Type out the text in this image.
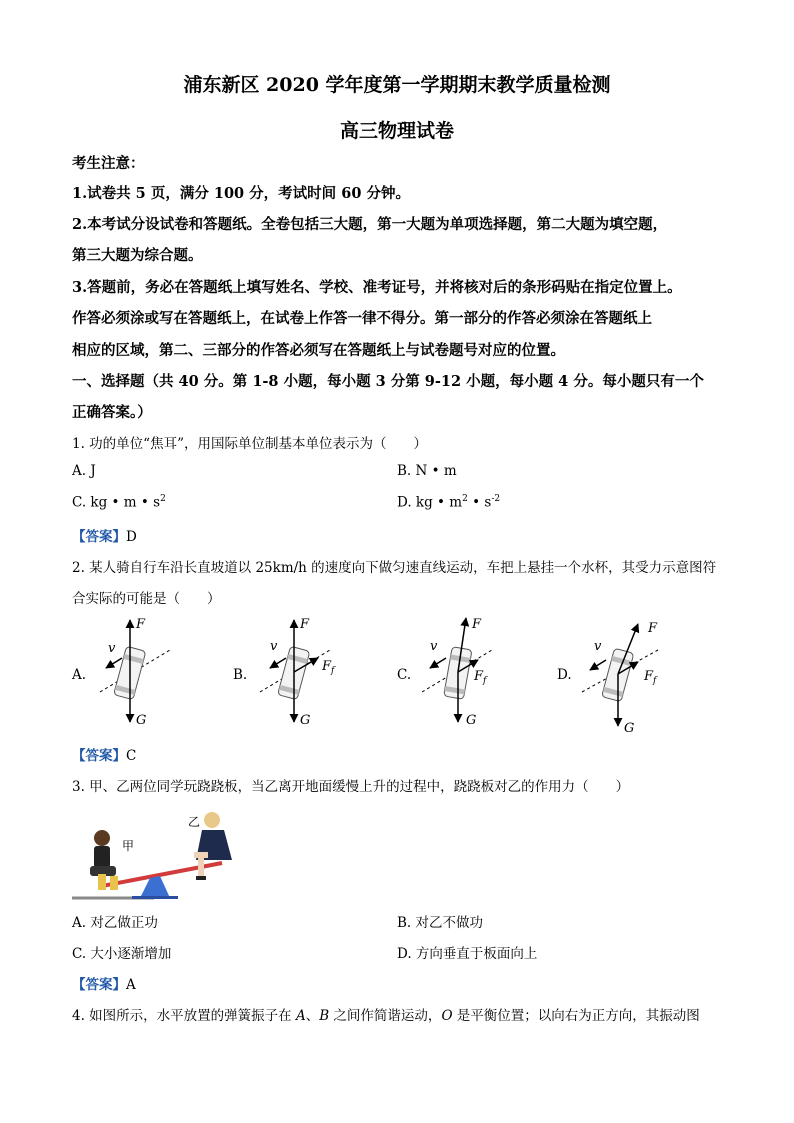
浦东新区 2020 学年度第一学期期末教学质量检测
高三物理试卷
考生注意：
1.试卷共 5 页，满分 100 分，考试时间 60 分钟。
2.本考试分设试卷和答题纸。全卷包括三大题，第一大题为单项选择题，第二大题为填空题，
第三大题为综合题。
3.答题前，务必在答题纸上填写姓名、学校、准考证号，并将核对后的条形码贴在指定位置上。
作答必须涂或写在答题纸上，在试卷上作答一律不得分。第一部分的作答必须涂在答题纸上
相应的区域，第二、三部分的作答必须写在答题纸上与试卷题号对应的位置。
一、选择题（共 40 分。第 1-8 小题，每小题 3 分第 9-12 小题，每小题 4 分。每小题只有一个
正确答案。）
1. 功的单位“焦耳”，用国际单位制基本单位表示为（　　）
A. J	B. N • m
C. kg • m • $s^2$	D. kg • $m^2$ • $s^{-2}$
【答案】D
2. 某人骑自行车沿长直坡道以 25km/h 的速度向下做匀速直线运动，车把上悬挂一个水杯，其受力示意图符
合实际的可能是（　　）
A.	B.	C.	D.
v
F
G
v
F
G
$F_f$
v
F
G
$F_f$
v
F
G
$F_f$
【答案】C
3. 甲、乙两位同学玩跷跷板，当乙离开地面缓慢上升的过程中，跷跷板对乙的作用力（　　）
甲
乙
A. 对乙做正功	B. 对乙不做功
C. 大小逐渐增加	D. 方向垂直于板面向上
【答案】A
4. 如图所示，水平放置的弹簧振子在 A、B 之间作简谐运动，O 是平衡位置；以向右为正方向，其振动图
